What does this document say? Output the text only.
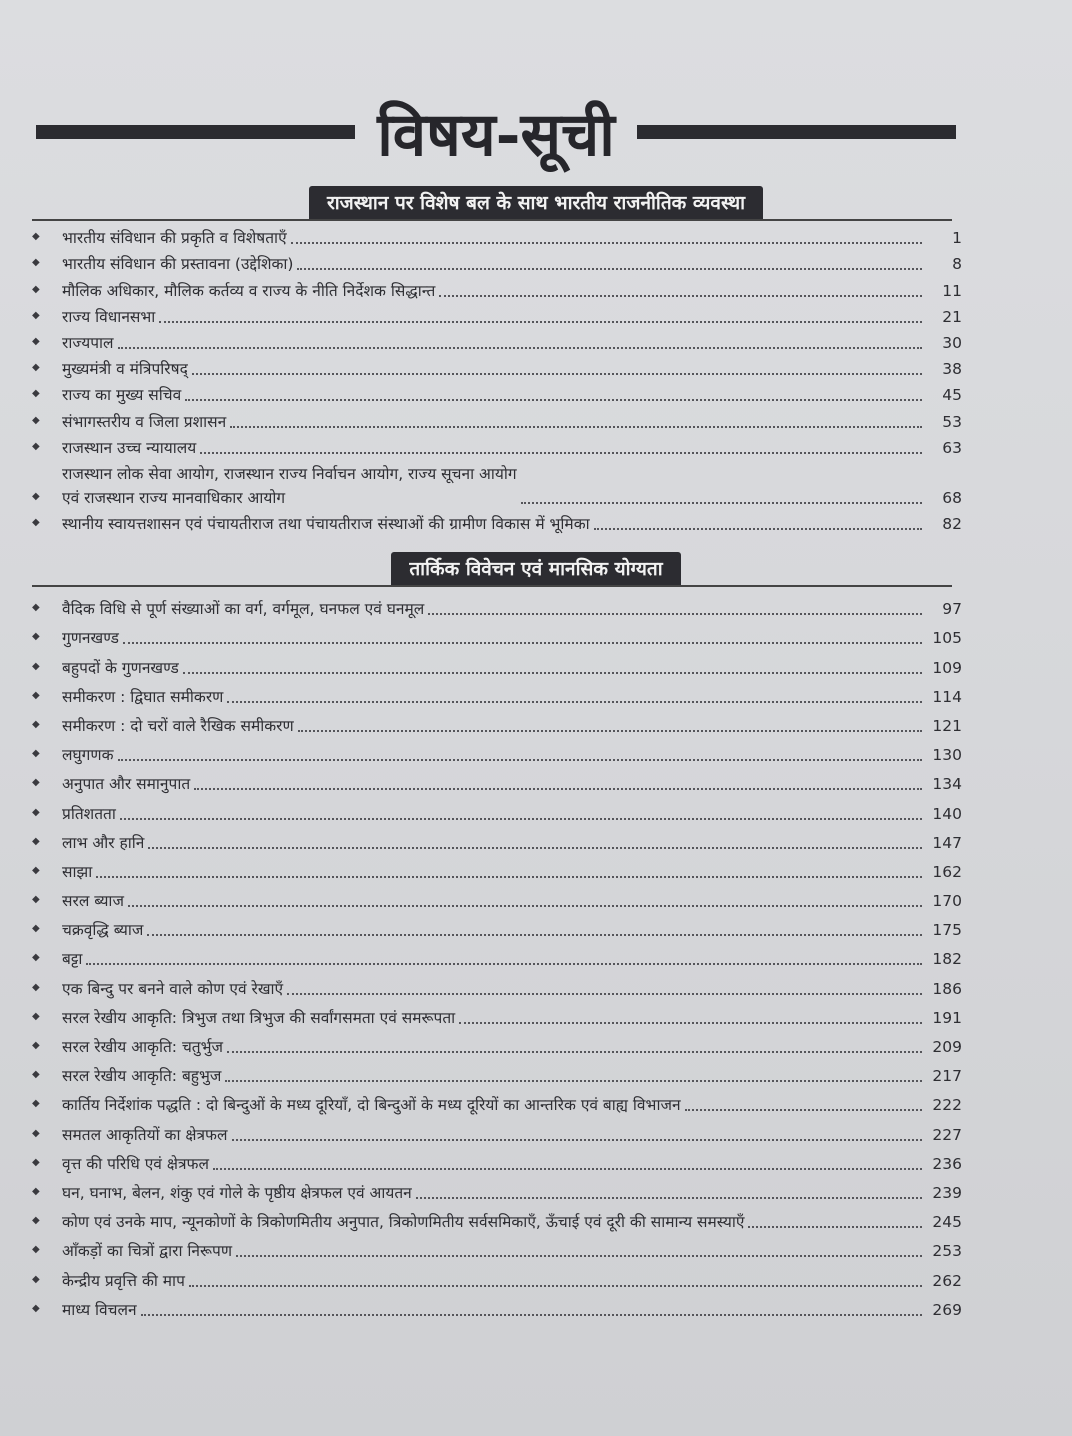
विषय-सूची
राजस्थान पर विशेष बल के साथ भारतीय राजनीतिक व्यवस्था
◆ भारतीय संविधान की प्रकृति व विशेषताएँ	1
◆ भारतीय संविधान की प्रस्तावना (उद्देशिका)	8
◆ मौलिक अधिकार, मौलिक कर्तव्य व राज्य के नीति निर्देशक सिद्धान्त	11
◆ राज्य विधानसभा	21
◆ राज्यपाल	30
◆ मुख्यमंत्री व मंत्रिपरिषद्	38
◆ राज्य का मुख्य सचिव	45
◆ संभागस्तरीय व जिला प्रशासन	53
◆ राजस्थान उच्च न्यायालय	63
◆
राजस्थान लोक सेवा आयोग, राजस्थान राज्य निर्वाचन आयोग, राज्य सूचना आयोग
एवं राजस्थान राज्य मानवाधिकार आयोग	68
◆ स्थानीय स्वायत्तशासन एवं पंचायतीराज तथा पंचायतीराज संस्थाओं की ग्रामीण विकास में भूमिका	82
तार्किक विवेचन एवं मानसिक योग्यता
◆ वैदिक विधि से पूर्ण संख्याओं का वर्ग, वर्गमूल, घनफल एवं घनमूल	97
◆ गुणनखण्ड	105
◆ बहुपदों के गुणनखण्ड	109
◆ समीकरण : द्विघात समीकरण	114
◆ समीकरण : दो चरों वाले रैखिक समीकरण	121
◆ लघुगणक	130
◆ अनुपात और समानुपात	134
◆ प्रतिशतता	140
◆ लाभ और हानि	147
◆ साझा	162
◆ सरल ब्याज	170
◆ चक्रवृद्धि ब्याज	175
◆ बट्टा	182
◆ एक बिन्दु पर बनने वाले कोण एवं रेखाएँ	186
◆ सरल रेखीय आकृति: त्रिभुज तथा त्रिभुज की सर्वांगसमता एवं समरूपता	191
◆ सरल रेखीय आकृति: चतुर्भुज	209
◆ सरल रेखीय आकृति: बहुभुज	217
◆ कार्तिय निर्देशांक पद्धति : दो बिन्दुओं के मध्य दूरियाँ, दो बिन्दुओं के मध्य दूरियों का आन्तरिक एवं बाह्य विभाजन	222
◆ समतल आकृतियों का क्षेत्रफल	227
◆ वृत्त की परिधि एवं क्षेत्रफल	236
◆ घन, घनाभ, बेलन, शंकु एवं गोले के पृष्ठीय क्षेत्रफल एवं आयतन	239
◆ कोण एवं उनके माप, न्यूनकोणों के त्रिकोणमितीय अनुपात, त्रिकोणमितीय सर्वसमिकाएँ, ऊँचाई एवं दूरी की सामान्य समस्याएँ	245
◆ आँकड़ों का चित्रों द्वारा निरूपण	253
◆ केन्द्रीय प्रवृत्ति की माप	262
◆ माध्य विचलन	269
